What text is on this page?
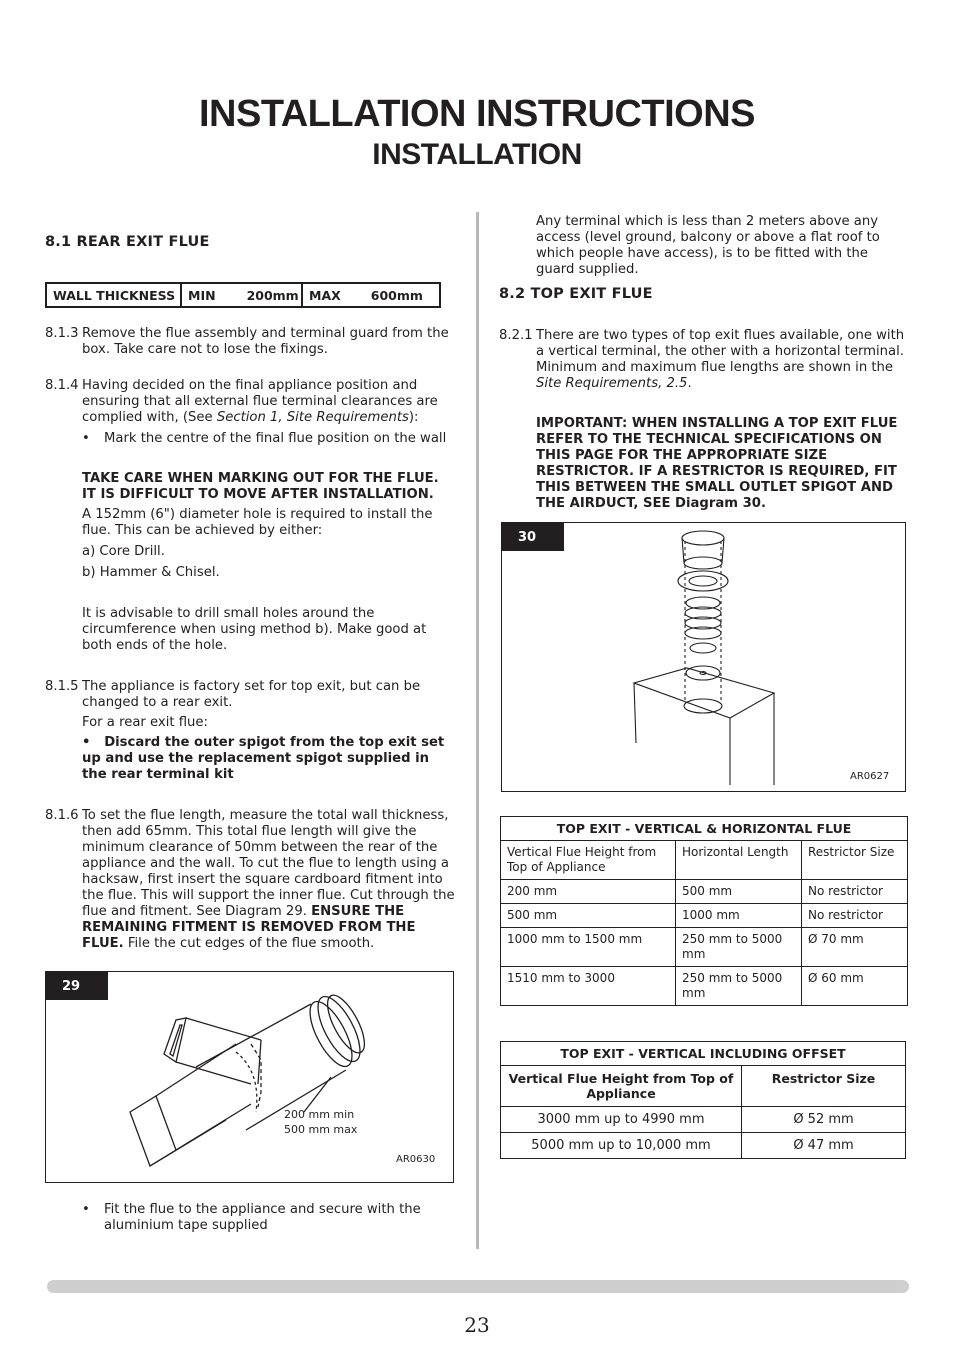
INSTALLATION INSTRUCTIONS
INSTALLATION
8.1 REAR EXIT FLUE
WALL THICKNESS	MIN 200mm MAX 600mm
8.1.3 Remove the flue assembly and terminal guard from the box. Take care not to lose the fixings.
8.1.4 Having decided on the final appliance position and ensuring that all external flue terminal clearances are complied with, (See Section 1, Site Requirements):
• Mark the centre of the final flue position on the wall
TAKE CARE WHEN MARKING OUT FOR THE FLUE. IT IS DIFFICULT TO MOVE AFTER INSTALLATION.
A 152mm (6") diameter hole is required to install the flue. This can be achieved by either:
a) Core Drill.
b) Hammer & Chisel.
It is advisable to drill small holes around the circumference when using method b). Make good at both ends of the hole.
8.1.5 The appliance is factory set for top exit, but can be changed to a rear exit.
For a rear exit flue:
•   Discard the outer spigot from the top exit set up and use the replacement spigot supplied in the rear terminal kit
8.1.6 To set the flue length, measure the total wall thickness, then add 65mm. This total flue length will give the minimum clearance of 50mm between the rear of the appliance and the wall. To cut the flue to length using a hacksaw, first insert the square cardboard fitment into the flue. This will support the inner flue. Cut through the flue and fitment. See Diagram 29. ENSURE THE REMAINING FITMENT IS REMOVED FROM THE FLUE. File the cut edges of the flue smooth.
29
200 mm min
500 mm max
AR0630
• Fit the flue to the appliance and secure with the aluminium tape supplied
Any terminal which is less than 2 meters above any access (level ground, balcony or above a flat roof to which people have access), is to be fitted with the guard supplied.
8.2 TOP EXIT FLUE
8.2.1 There are two types of top exit flues available, one with a vertical terminal, the other with a horizontal terminal. Minimum and maximum flue lengths are shown in the Site Requirements, 2.5.
IMPORTANT: WHEN INSTALLING A TOP EXIT FLUE REFER TO THE TECHNICAL SPECIFICATIONS ON THIS PAGE FOR THE APPROPRIATE SIZE RESTRICTOR. IF A RESTRICTOR IS REQUIRED, FIT THIS BETWEEN THE SMALL OUTLET SPIGOT AND THE AIRDUCT, SEE Diagram 30.
30
AR0627
TOP EXIT - VERTICAL & HORIZONTAL FLUE		
Vertical Flue Height from Top of Appliance	Horizontal Length	Restrictor Size
200 mm	500 mm	No restrictor
500 mm	1000 mm	No restrictor
1000 mm to 1500 mm	250 mm to 5000 mm	Ø 70 mm
1510 mm to 3000	250 mm to 5000 mm	Ø 60 mm
TOP EXIT - VERTICAL INCLUDING OFFSET	
Vertical Flue Height from Top of Appliance	Restrictor Size
3000 mm up to 4990 mm	Ø 52 mm
5000 mm up to 10,000 mm	Ø 47 mm
23
